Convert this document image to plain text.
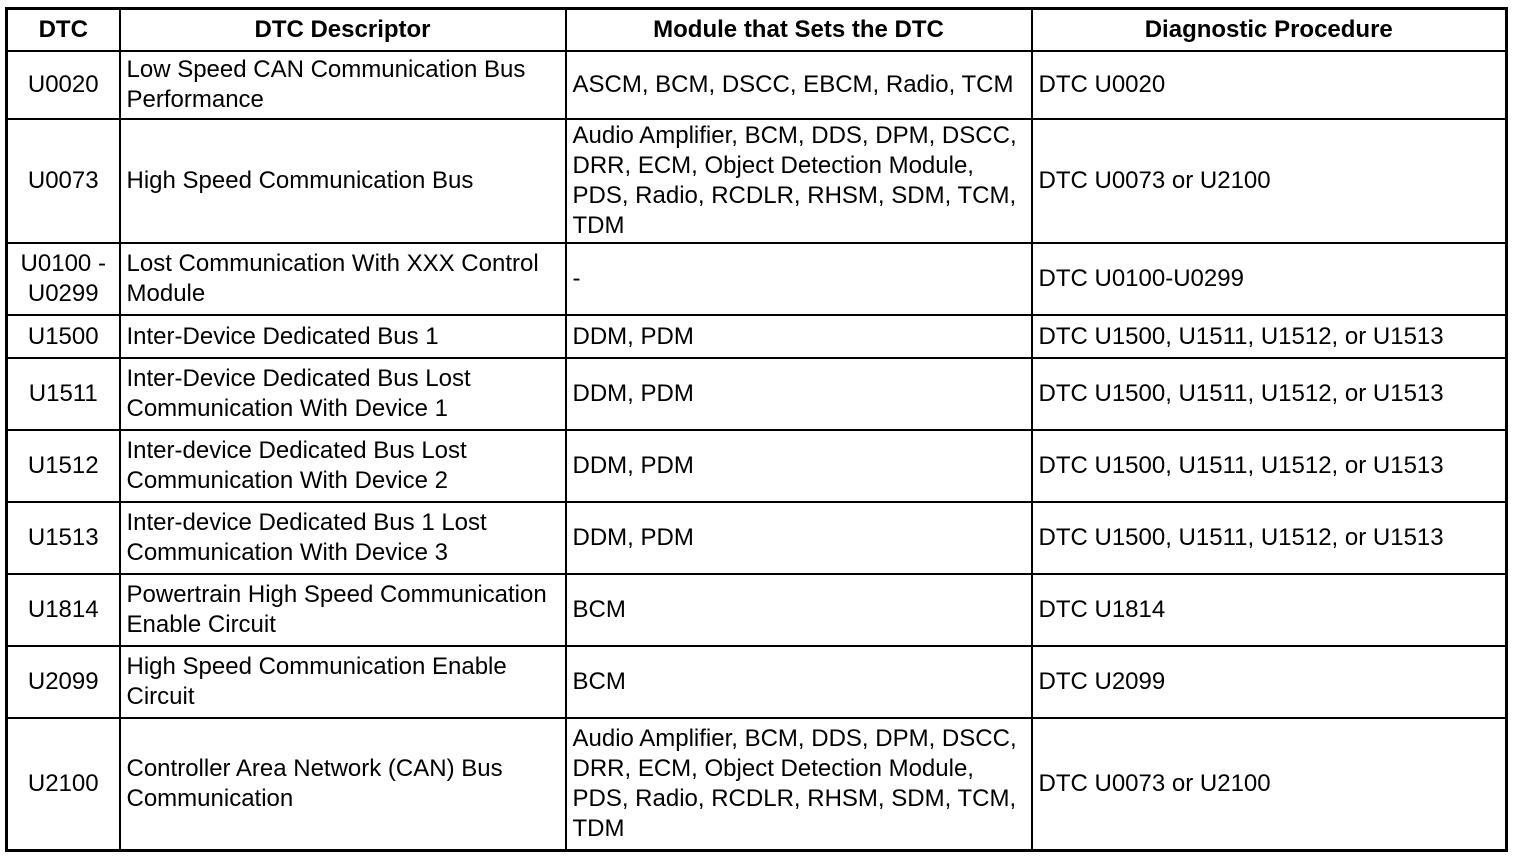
DTC	DTC Descriptor	Module that Sets the DTC	Diagnostic Procedure
U0020	Low Speed CAN Communication Bus Performance	ASCM, BCM, DSCC, EBCM, Radio, TCM	DTC U0020
U0073	High Speed Communication Bus	Audio Amplifier, BCM, DDS, DPM, DSCC, DRR, ECM, Object Detection Module, PDS, Radio, RCDLR, RHSM, SDM, TCM, TDM	DTC U0073 or U2100
U0100 - U0299	Lost Communication With XXX Control Module	-	DTC U0100-U0299
U1500	Inter-Device Dedicated Bus 1	DDM, PDM	DTC U1500, U1511, U1512, or U1513
U1511	Inter-Device Dedicated Bus Lost Communication With Device 1	DDM, PDM	DTC U1500, U1511, U1512, or U1513
U1512	Inter-device Dedicated Bus Lost Communication With Device 2	DDM, PDM	DTC U1500, U1511, U1512, or U1513
U1513	Inter-device Dedicated Bus 1 Lost Communication With Device 3	DDM, PDM	DTC U1500, U1511, U1512, or U1513
U1814	Powertrain High Speed Communication Enable Circuit	BCM	DTC U1814
U2099	High Speed Communication Enable Circuit	BCM	DTC U2099
U2100	Controller Area Network (CAN) Bus Communication	Audio Amplifier, BCM, DDS, DPM, DSCC, DRR, ECM, Object Detection Module, PDS, Radio, RCDLR, RHSM, SDM, TCM, TDM	DTC U0073 or U2100
